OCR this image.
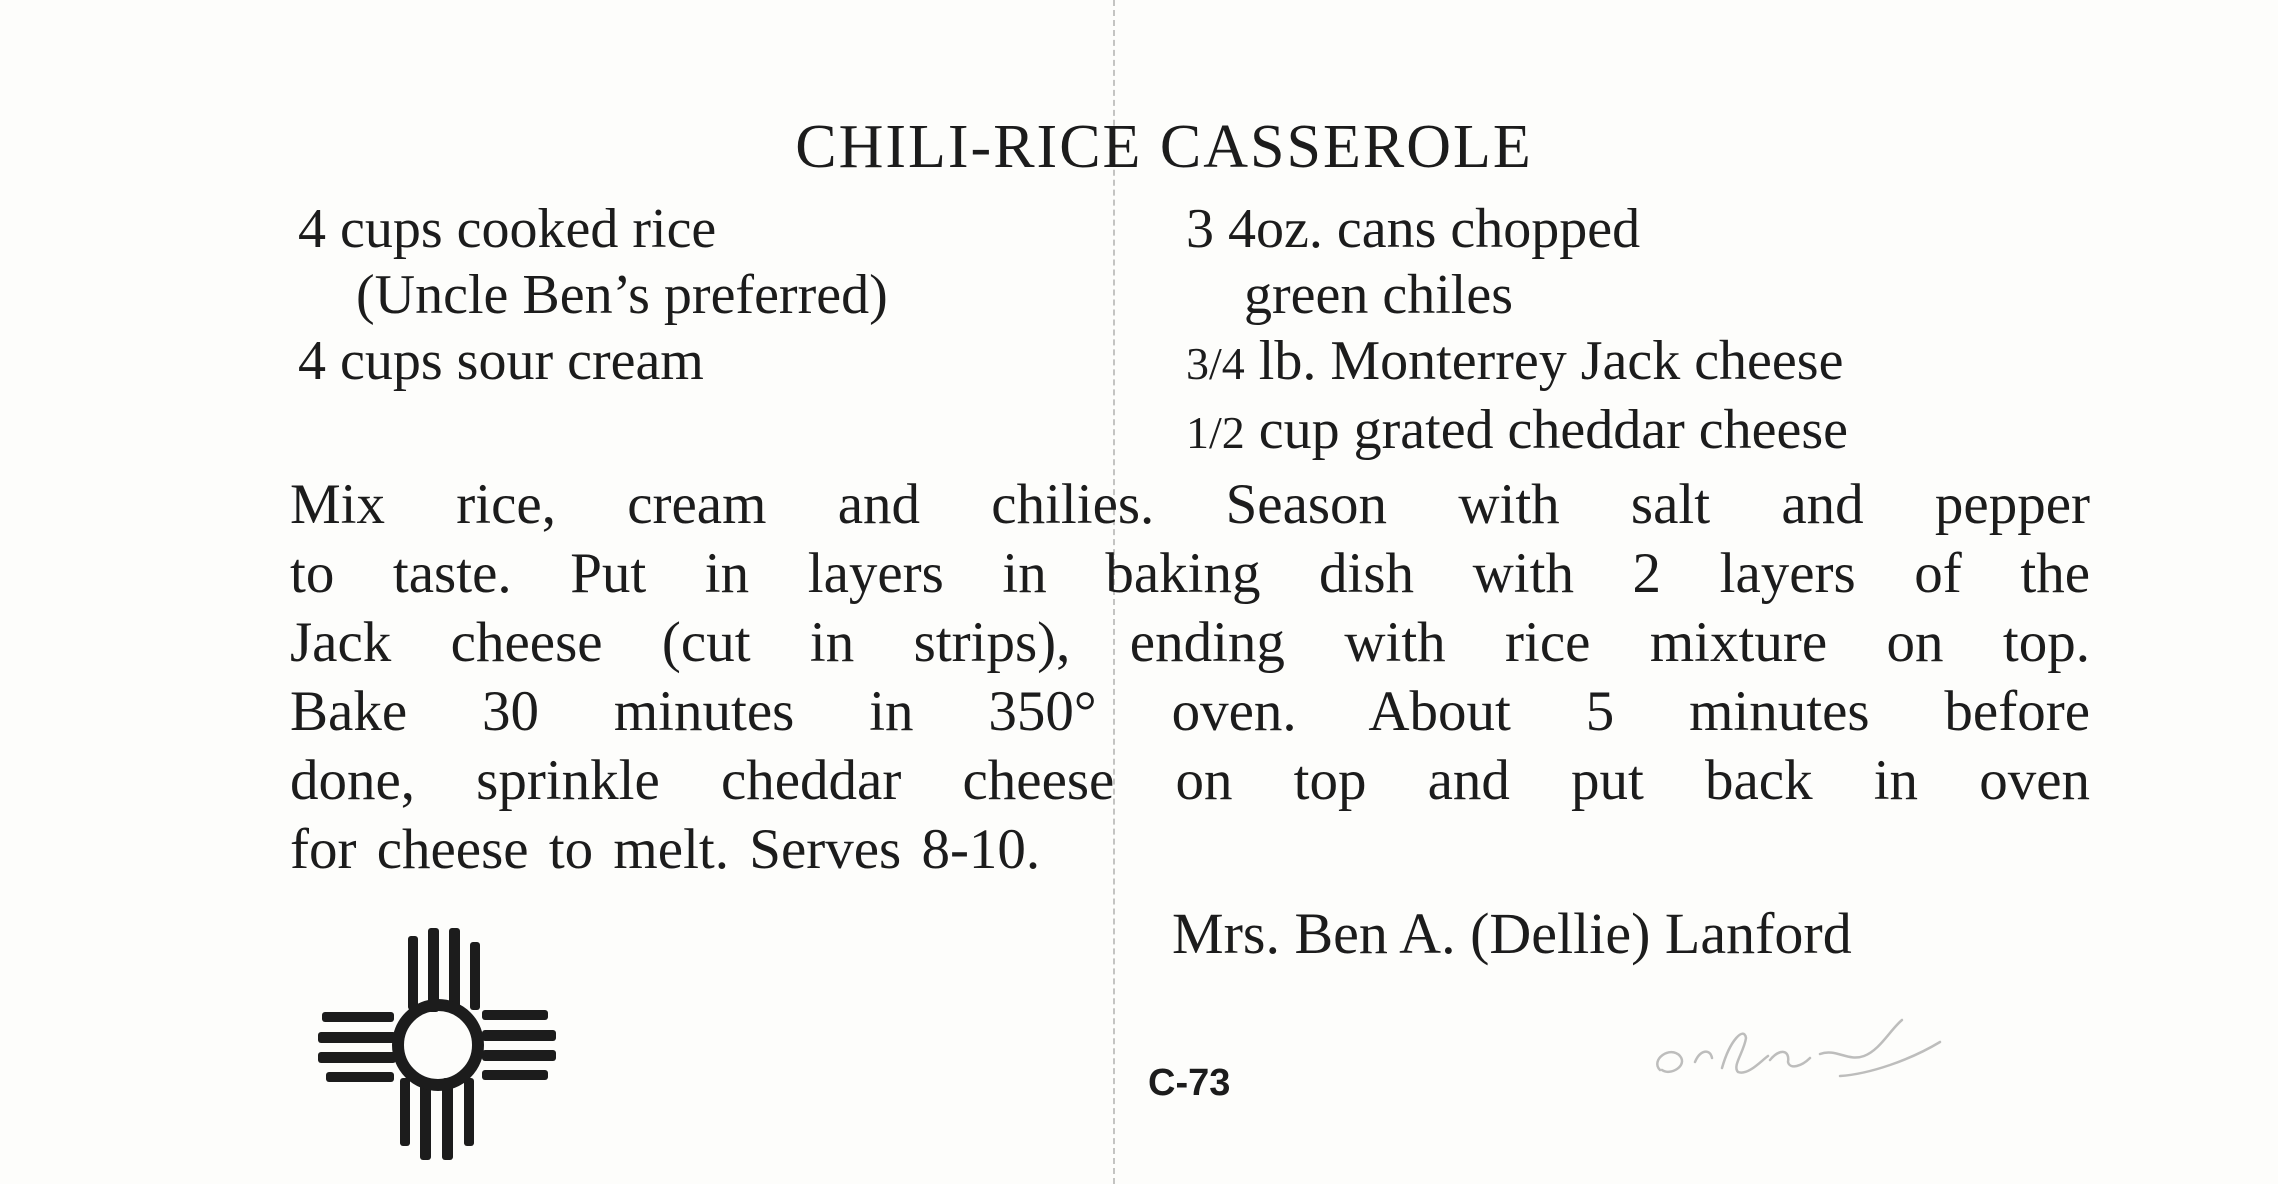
CHILI-RICE CASSEROLE
4 cups cooked rice
(Uncle Ben’s preferred)
4 cups sour cream
3 4oz. cans chopped
green chiles
3/4 lb. Monterrey Jack cheese
1/2 cup grated cheddar cheese
Mix rice, cream and chilies. Season with salt and pepper
to taste. Put in layers in baking dish with 2 layers of the
Jack cheese (cut in strips), ending with rice mixture on top.
Bake 30 minutes in 350° oven. About 5 minutes before
done, sprinkle cheddar cheese on top and put back in oven
for cheese to melt. Serves 8-10.

Mrs. Ben A. (Dellie) Lanford

C-73
